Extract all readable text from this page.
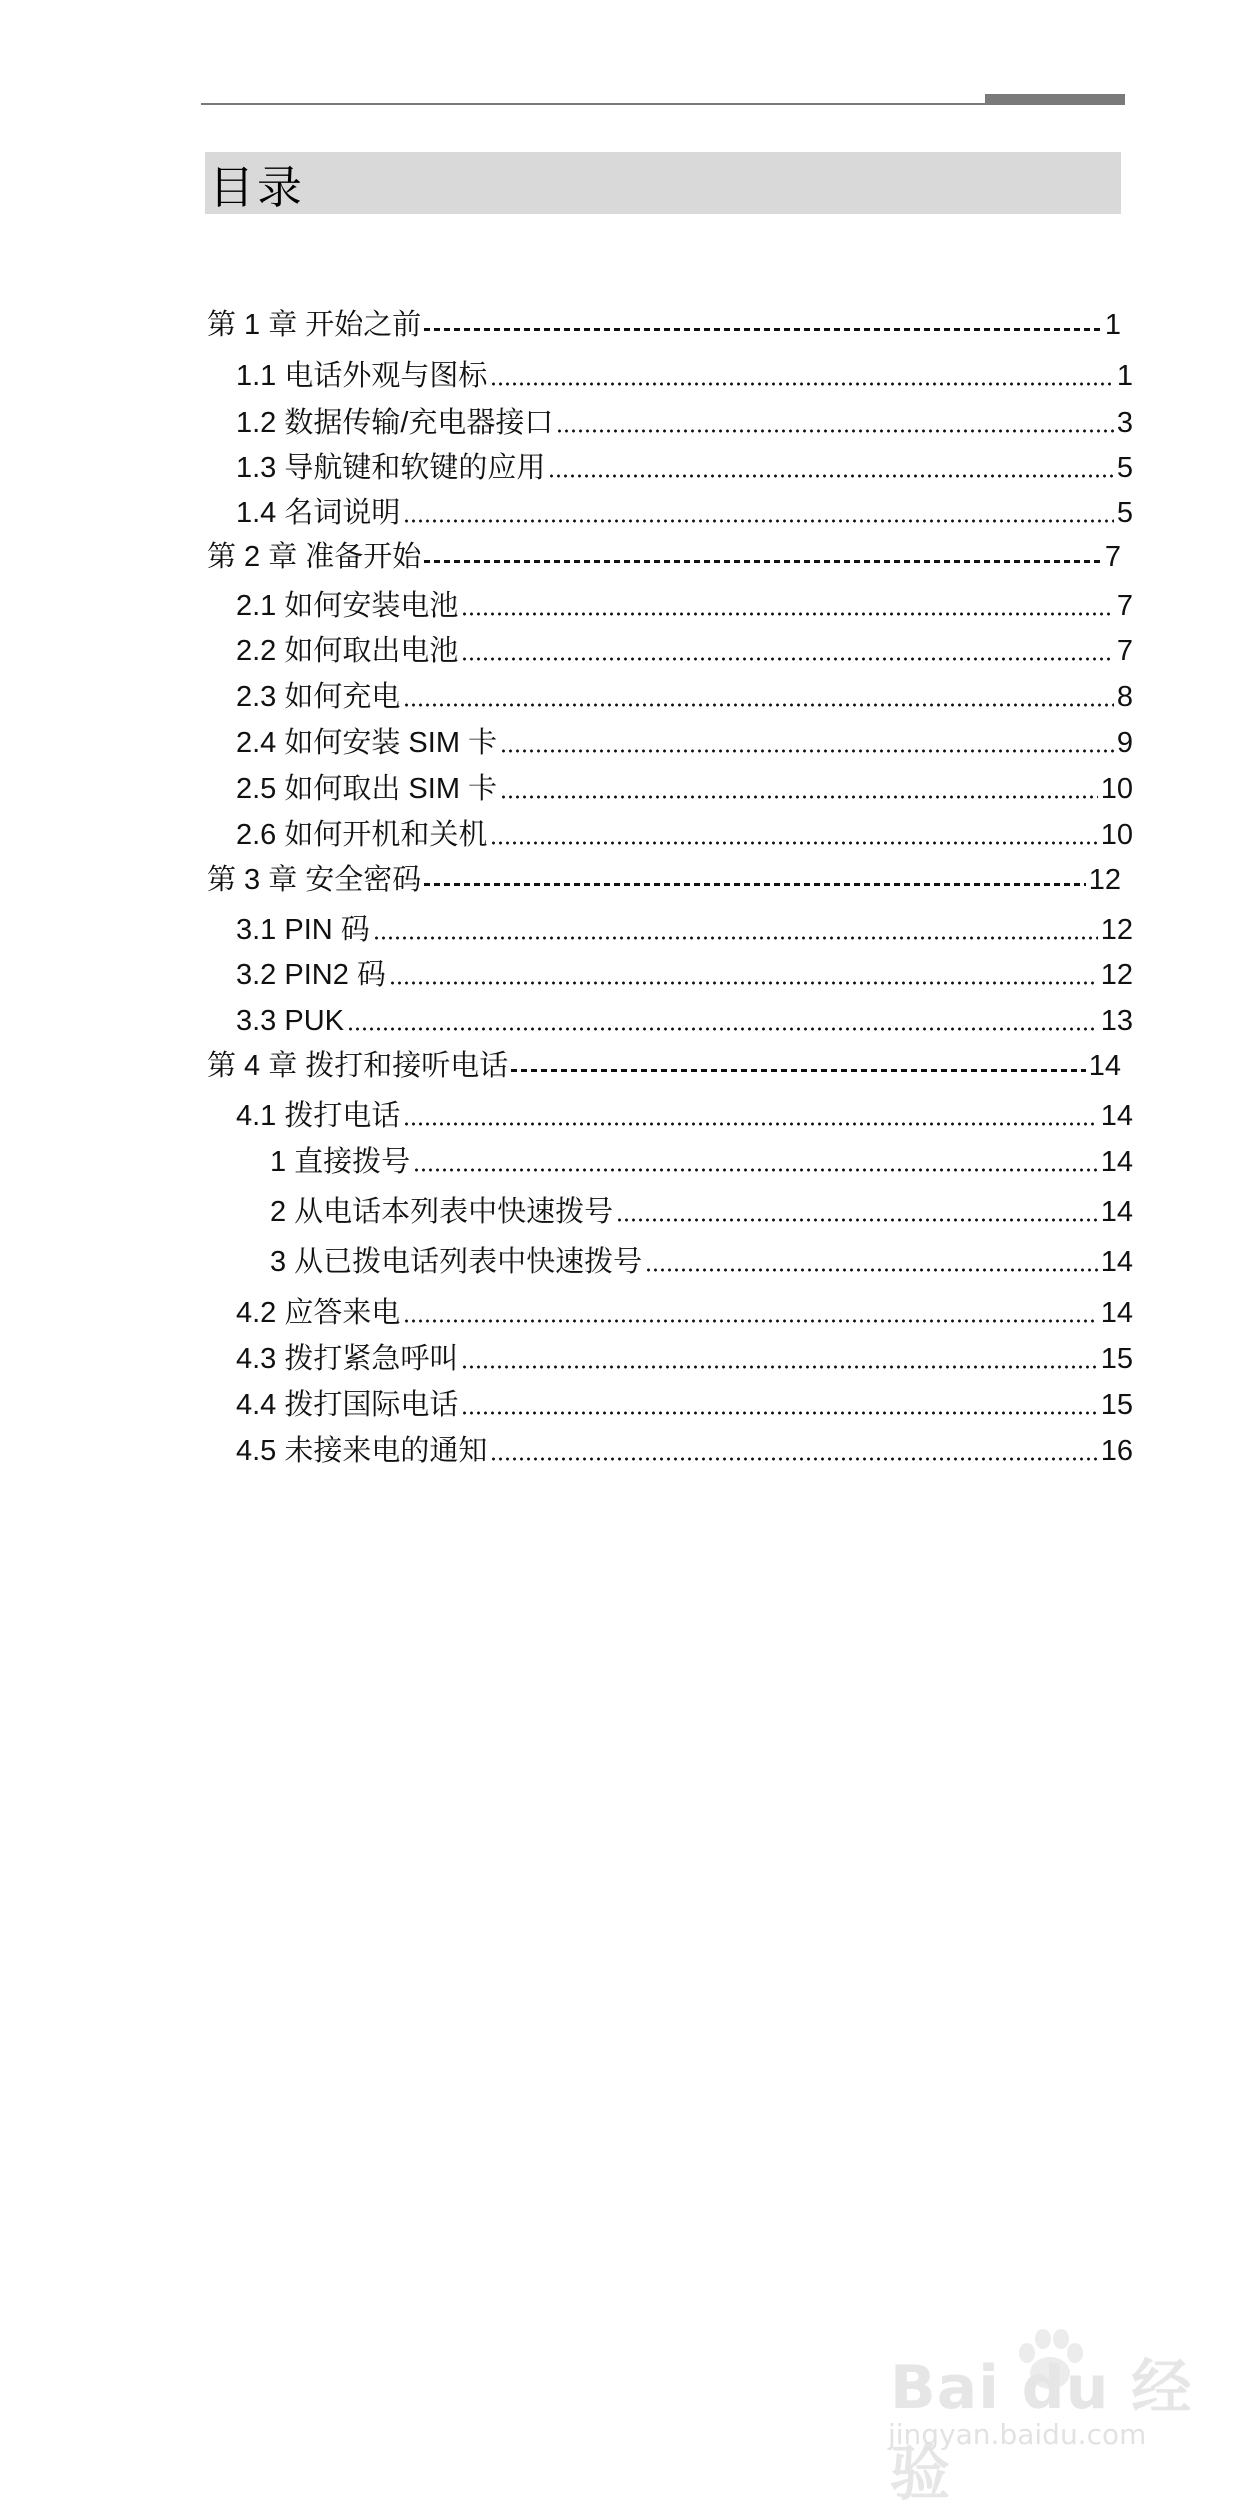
目录
第 1 章 开始之前	1
1.1 电话外观与图标	1
1.2 数据传输/充电器接口	3
1.3 导航键和软键的应用	5
1.4 名词说明	5
第 2 章 准备开始	7
2.1 如何安装电池	7
2.2 如何取出电池	7
2.3 如何充电	8
2.4 如何安装 SIM 卡	9
2.5 如何取出 SIM 卡	10
2.6 如何开机和关机	10
第 3 章 安全密码	12
3.1 PIN 码	12
3.2 PIN2 码	12
3.3 PUK	13
第 4 章 拨打和接听电话	14
4.1 拨打电话	14
1 直接拨号	14
2 从电话本列表中快速拨号	14
3 从已拨电话列表中快速拨号	14
4.2 应答来电	14
4.3 拨打紧急呼叫	15
4.4 拨打国际电话	15
4.5 未接来电的通知	16
Bai du 经验
jingyan.baidu.com
